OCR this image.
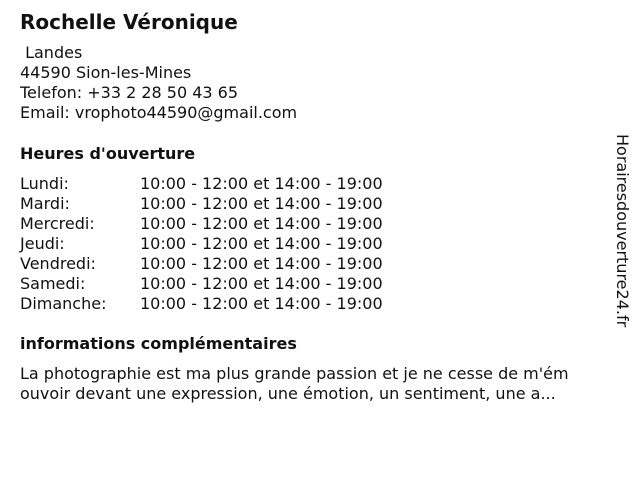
Rochelle Véronique
Landes
44590 Sion-les-Mines
Telefon: +33 2 28 50 43 65
Email: vrophoto44590@gmail.com
Heures d'ouverture
Lundi:	10:00 - 12:00 et 14:00 - 19:00
Mardi:	10:00 - 12:00 et 14:00 - 19:00
Mercredi:	10:00 - 12:00 et 14:00 - 19:00
Jeudi:	10:00 - 12:00 et 14:00 - 19:00
Vendredi:	10:00 - 12:00 et 14:00 - 19:00
Samedi:	10:00 - 12:00 et 14:00 - 19:00
Dimanche: 10:00 - 12:00 et 14:00 - 19:00
informations complémentaires
La photographie est ma plus grande passion et je ne cesse de m'ém
ouvoir devant une expression, une émotion, un sentiment, une a...
Horairesdouverture24.fr
